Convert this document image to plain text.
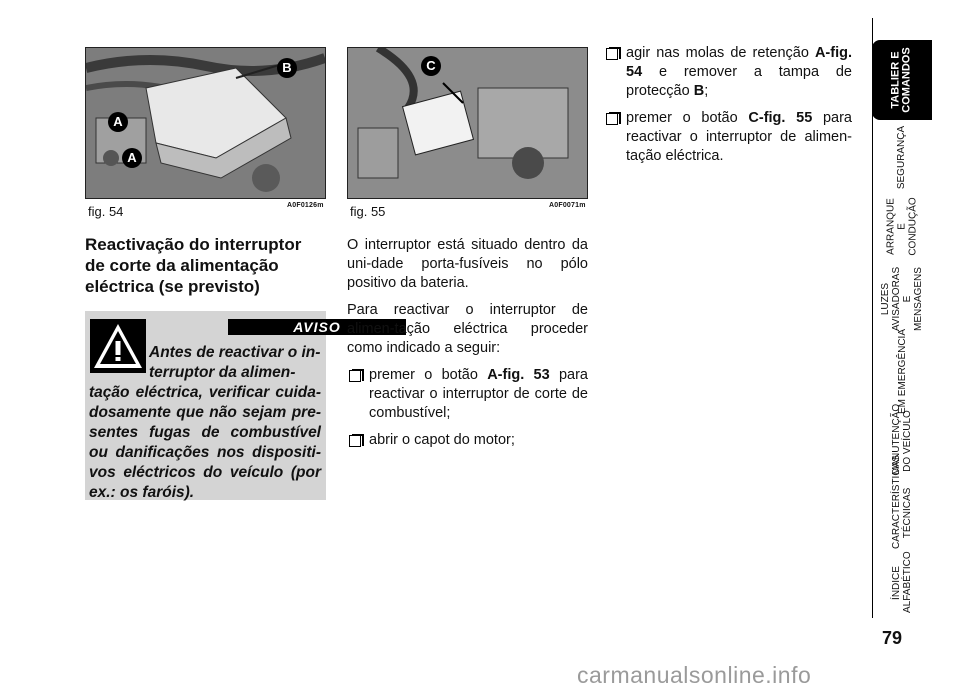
A
A
B
fig. 54	A0F0126m
C
fig. 55	A0F0071m
Reactivação do interruptor de corte da alimentação eléctrica (se previsto)
AVISO
Antes de reactivar o in-
terruptor da alimen-
tação eléctrica, verificar cuida-dosamente que não sejam pre-sentes fugas de combustível ou danificações nos dispositi-vos eléctricos do veículo (por ex.: os faróis).

O interruptor está situado dentro da uni-dade porta-fusíveis no pólo positivo da bateria.

Para reactivar o interruptor de alimen-tação eléctrica proceder como indicado a seguir:

premer o botão A-fig. 53 para reactivar o interruptor de corte de combustível;
abrir o capot do motor;
agir nas molas de retenção A-fig. 54 e remover a tampa de protecção B;
premer o botão C-fig. 55 para reactivar o interruptor de alimen-tação eléctrica.
TABLIER E COMANDOS
SEGURANÇA
ARRANQUE E CONDUÇÃO
LUZES AVISADORAS E MENSAGENS
EM EMERGÊNCIA
MANUTENÇÃO DO VEÍCULO
CARACTERÍSTICAS TÉCNICAS
ÍNDICE ALFABÉTICO
79
carmanualsonline.info
